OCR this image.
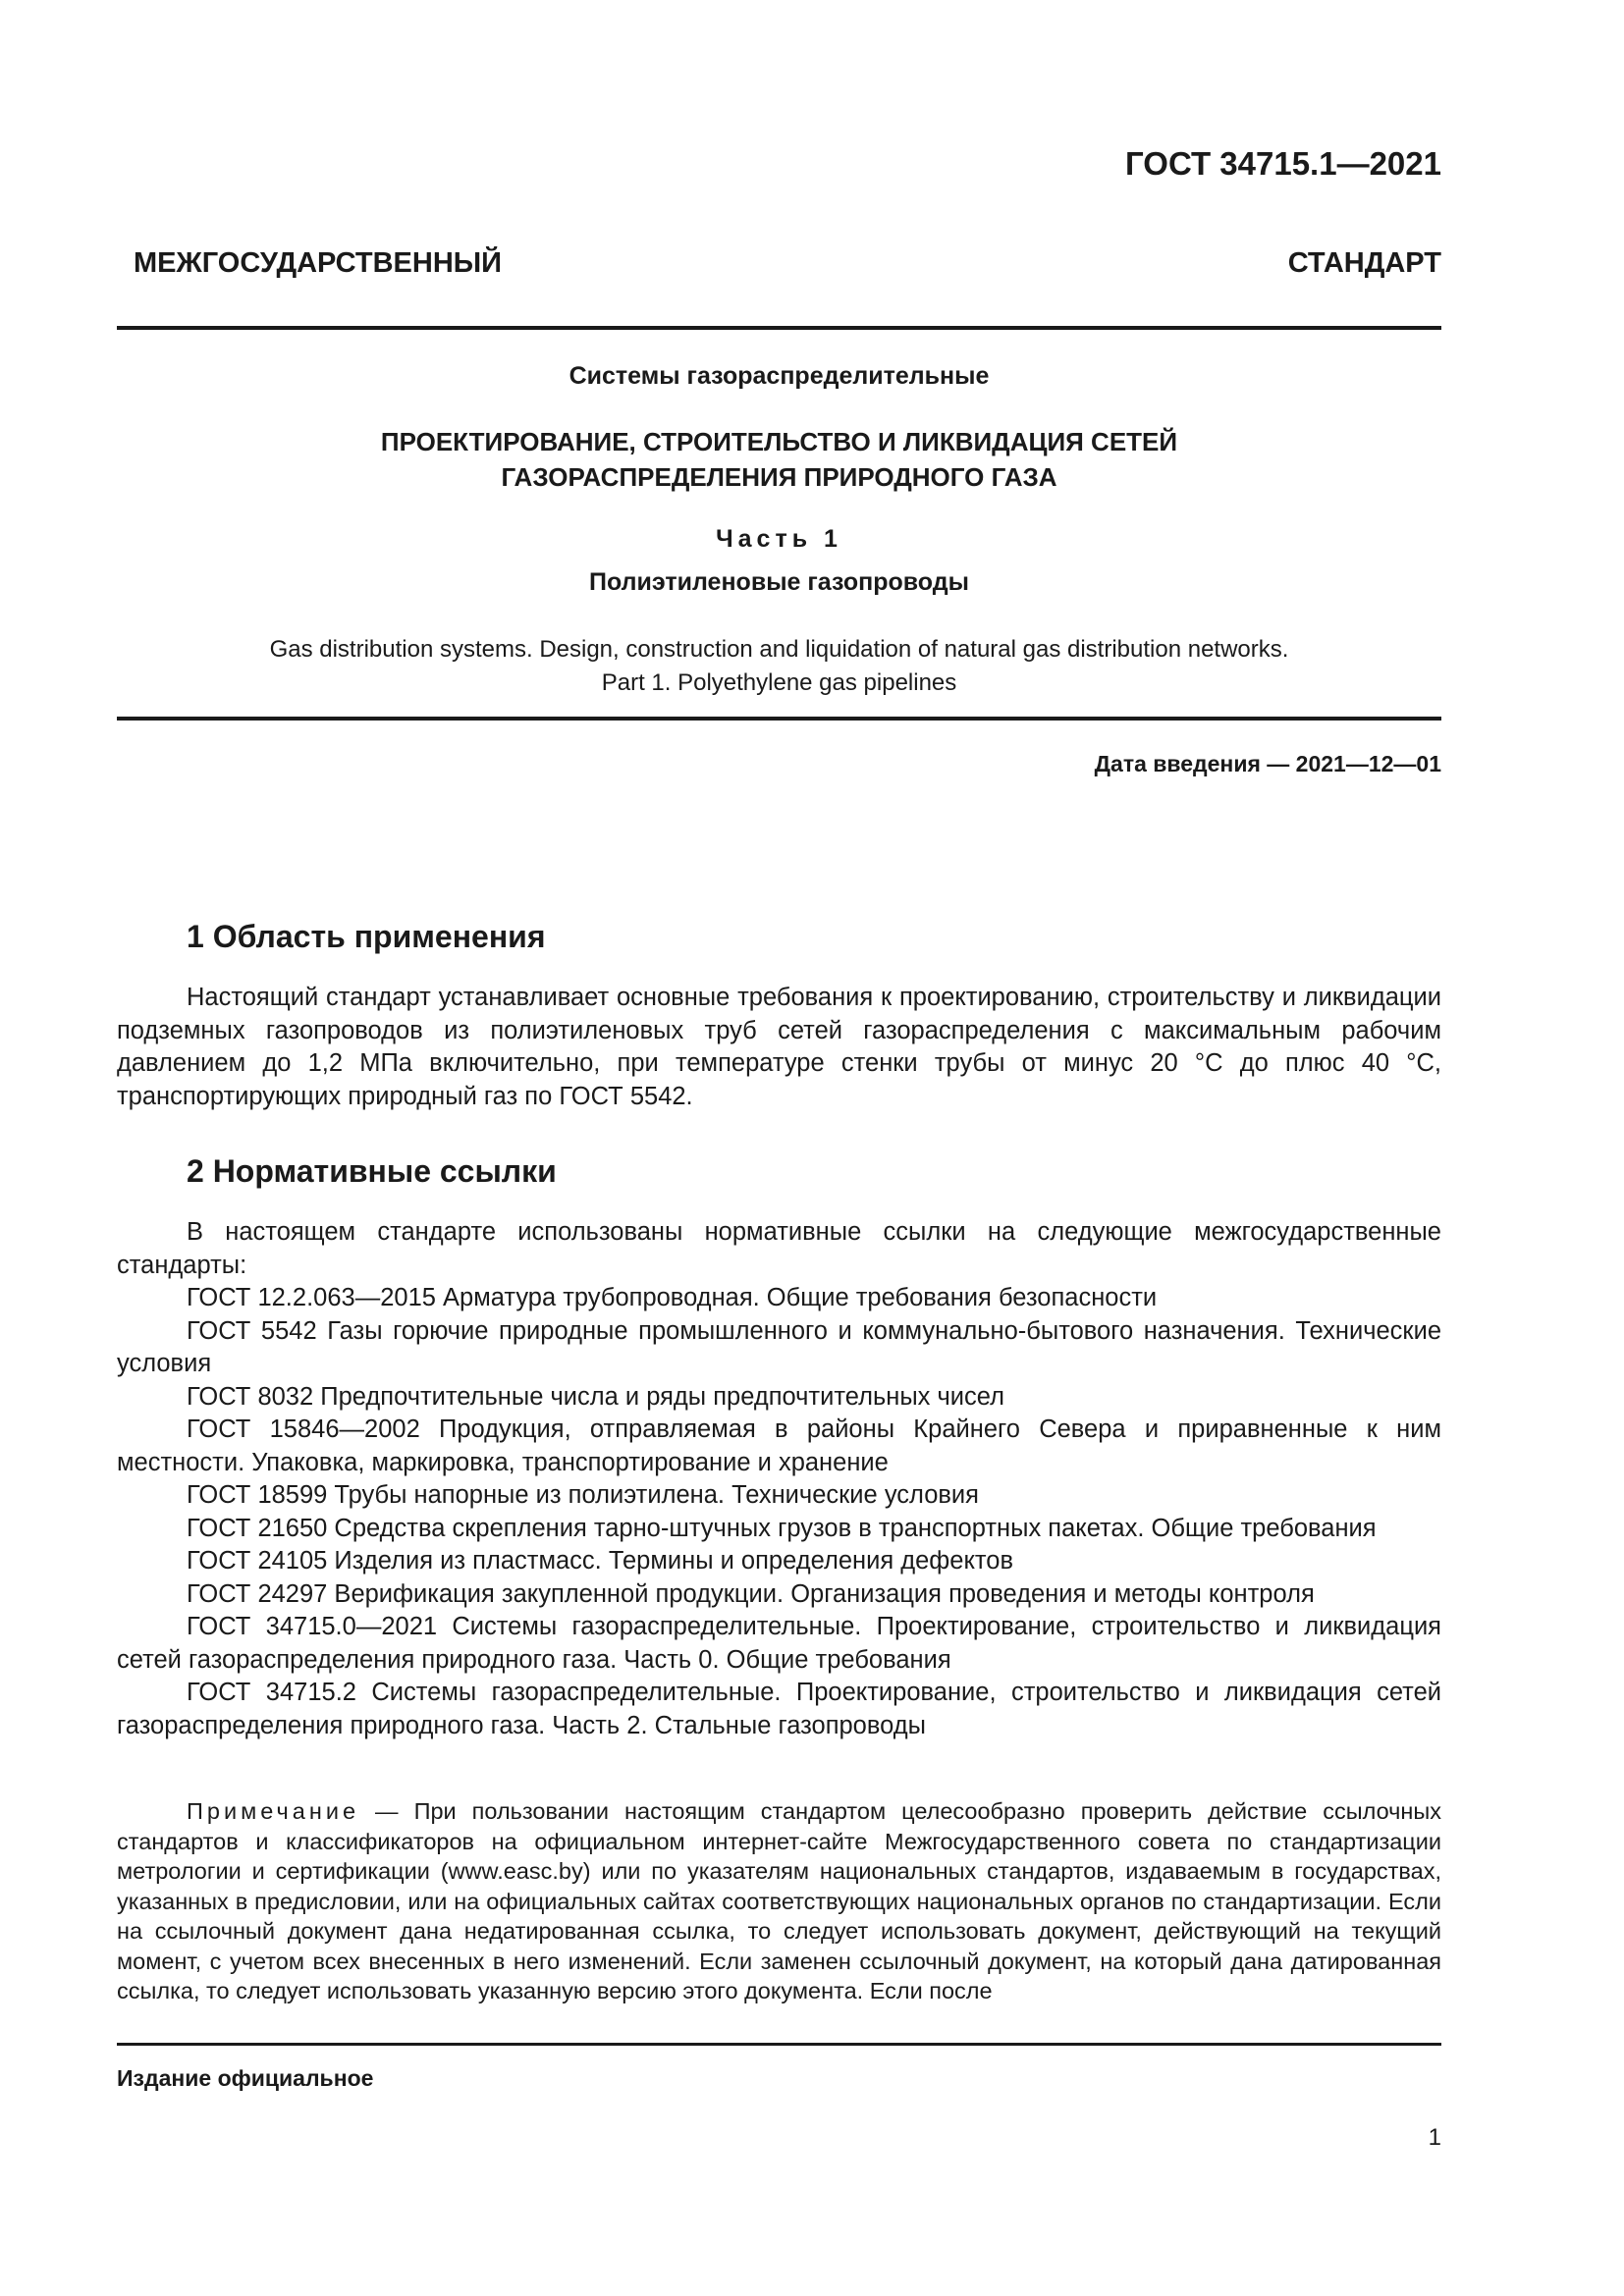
ГОСТ 34715.1—2021
МЕЖГОСУДАРСТВЕННЫЙ СТАНДАРТ
Системы газораспределительные
ПРОЕКТИРОВАНИЕ, СТРОИТЕЛЬСТВО И ЛИКВИДАЦИЯ СЕТЕЙ ГАЗОРАСПРЕДЕЛЕНИЯ ПРИРОДНОГО ГАЗА
Часть 1
Полиэтиленовые газопроводы
Gas distribution systems. Design, construction and liquidation of natural gas distribution networks.
Part 1. Polyethylene gas pipelines
Дата введения — 2021—12—01
1 Область применения

Настоящий стандарт устанавливает основные требования к проектированию, строительству и ликвидации подземных газопроводов из полиэтиленовых труб сетей газораспределения с максимальным рабочим давлением до 1,2 МПа включительно, при температуре стенки трубы от минус 20 °С до плюс 40 °С, транспортирующих природный газ по ГОСТ 5542.

2 Нормативные ссылки

В настоящем стандарте использованы нормативные ссылки на следующие межгосударственные стандарты:

ГОСТ 12.2.063—2015 Арматура трубопроводная. Общие требования безопасности

ГОСТ 5542 Газы горючие природные промышленного и коммунально-бытового назначения. Технические условия

ГОСТ 8032 Предпочтительные числа и ряды предпочтительных чисел

ГОСТ 15846—2002 Продукция, отправляемая в районы Крайнего Севера и приравненные к ним местности. Упаковка, маркировка, транспортирование и хранение

ГОСТ 18599 Трубы напорные из полиэтилена. Технические условия

ГОСТ 21650 Средства скрепления тарно-штучных грузов в транспортных пакетах. Общие требования

ГОСТ 24105 Изделия из пластмасс. Термины и определения дефектов

ГОСТ 24297 Верификация закупленной продукции. Организация проведения и методы контроля

ГОСТ 34715.0—2021 Системы газораспределительные. Проектирование, строительство и ликвидация сетей газораспределения природного газа. Часть 0. Общие требования

ГОСТ 34715.2 Системы газораспределительные. Проектирование, строительство и ликвидация сетей газораспределения природного газа. Часть 2. Стальные газопроводы

Примечание — При пользовании настоящим стандартом целесообразно проверить действие ссылочных стандартов и классификаторов на официальном интернет-сайте Межгосударственного совета по стандартизации метрологии и сертификации (www.easc.by) или по указателям национальных стандартов, издаваемым в государствах, указанных в предисловии, или на официальных сайтах соответствующих национальных органов по стандартизации. Если на ссылочный документ дана недатированная ссылка, то следует использовать документ, действующий на текущий момент, с учетом всех внесенных в него изменений. Если заменен ссылочный документ, на который дана датированная ссылка, то следует использовать указанную версию этого документа. Если после

Издание официальное
1
